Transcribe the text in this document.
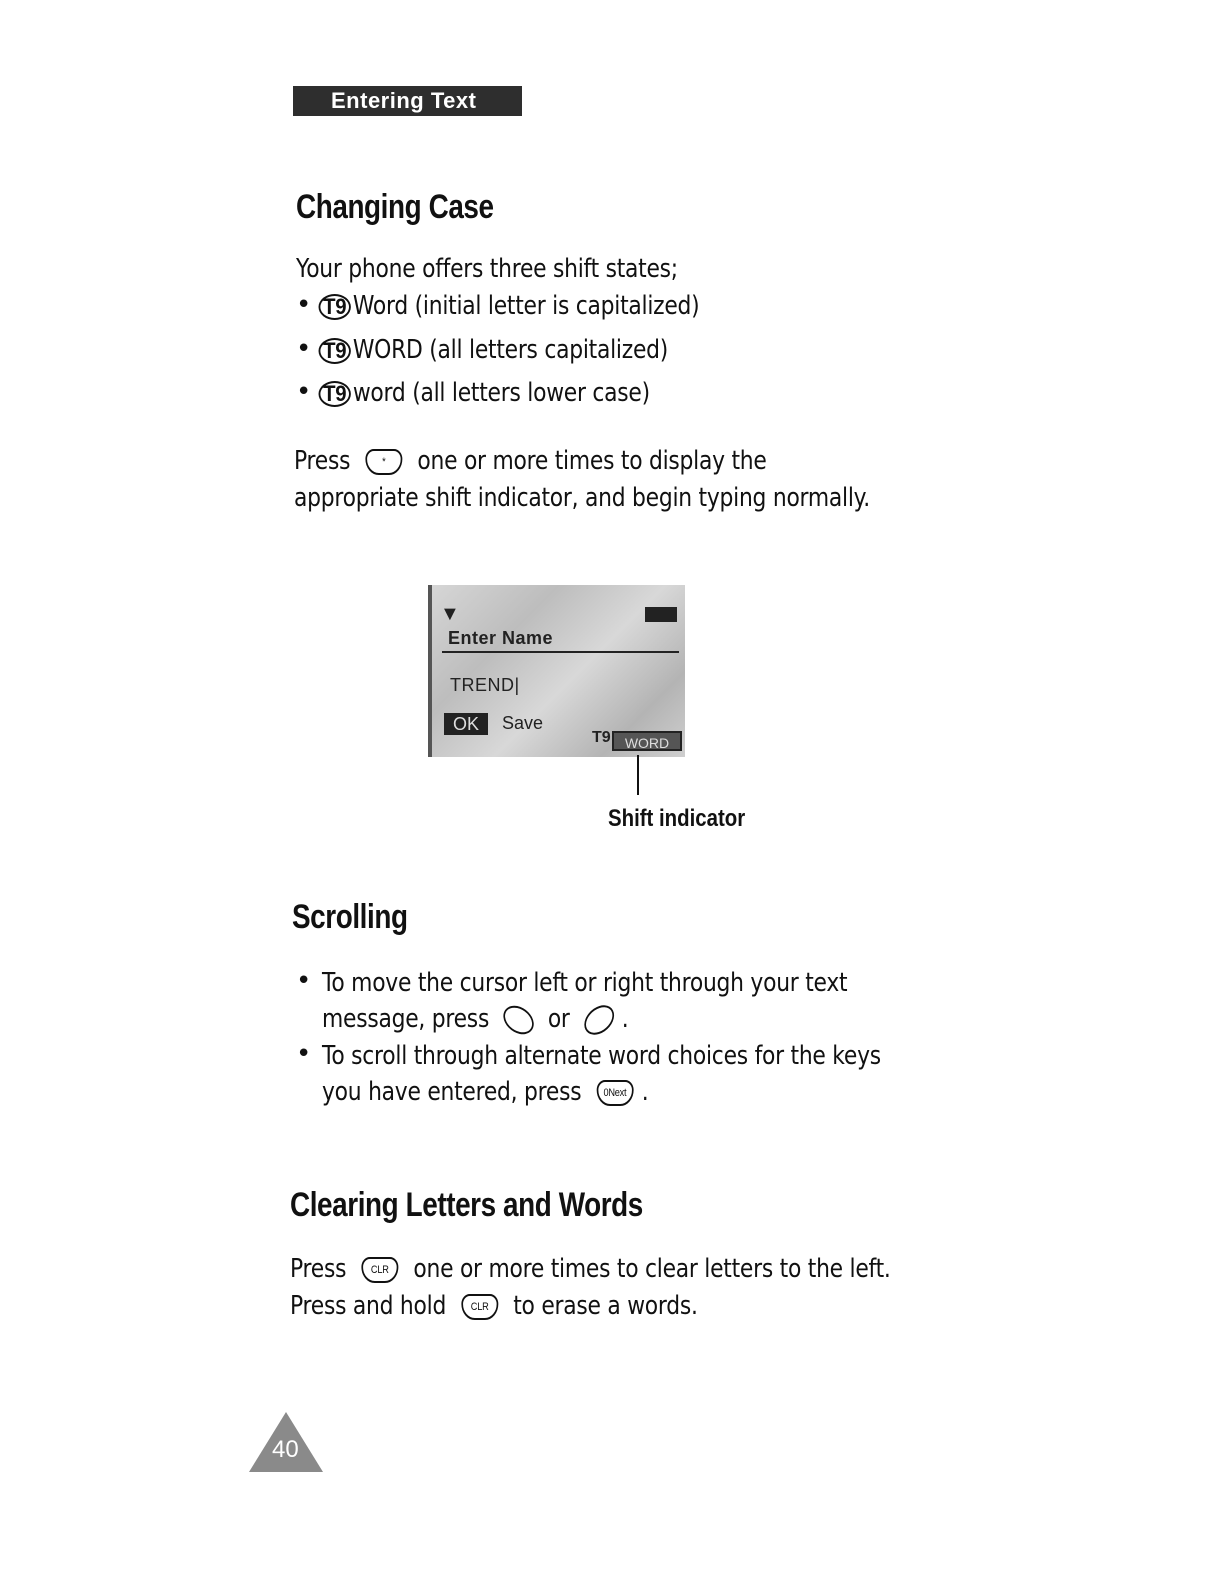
Entering Text
Changing Case
Your phone offers three shift states;
• T9 Word (initial letter is capitalized)
• T9 WORD (all letters capitalized)
• T9 word (all letters lower case)
Press	* one or more times to display the
appropriate shift indicator, and begin typing normally.
▼
Enter Name
TREND|
OK	Save
T9	WORD
Shift indicator
Scrolling
• To move the cursor left or right through your text
message, press or .
• To scroll through alternate word choices for the keys
you have entered, press 0Next .
Clearing Letters and Words
Press CLR one or more times to clear letters to the left.
Press and hold CLR to erase a words.
40
